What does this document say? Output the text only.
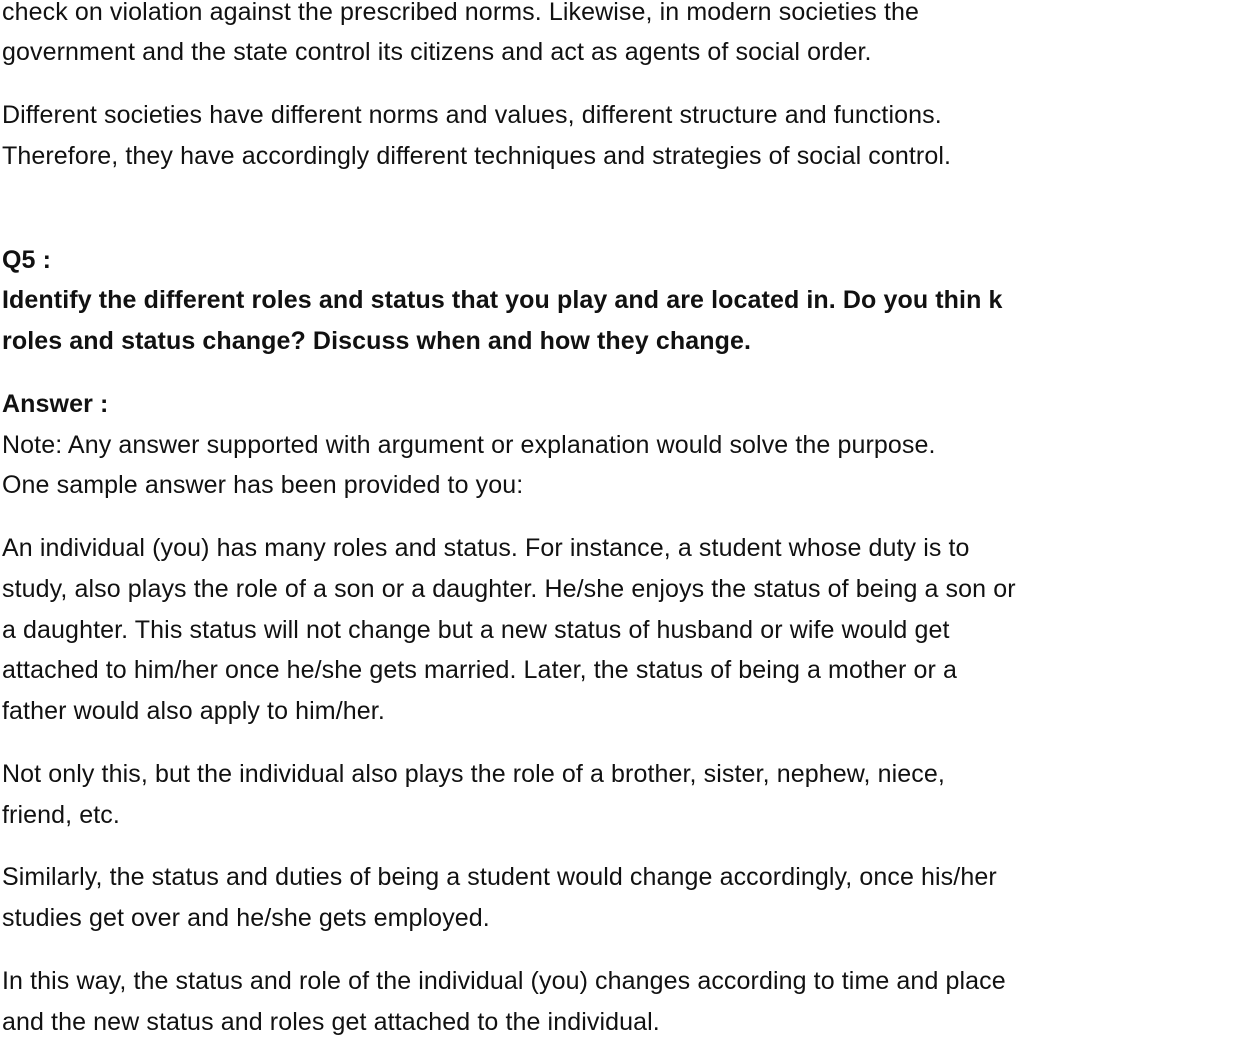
check on violation against the prescribed norms. Likewise, in modern societies the
government and the state control its citizens and act as agents of social order.
Different societies have different norms and values, different structure and functions.
Therefore, they have accordingly different techniques and strategies of social control.
Q5 :
Identify the different roles and status that you play and are located in. Do you thin k
roles and status change? Discuss when and how they change.
Answer :
Note: Any answer supported with argument or explanation would solve the purpose.
One sample answer has been provided to you:
An individual (you) has many roles and status. For instance, a student whose duty is to
study, also plays the role of a son or a daughter. He/she enjoys the status of being a son or
a daughter. This status will not change but a new status of husband or wife would get
attached to him/her once he/she gets married. Later, the status of being a mother or a
father would also apply to him/her.
Not only this, but the individual also plays the role of a brother, sister, nephew, niece,
friend, etc.
Similarly, the status and duties of being a student would change accordingly, once his/her
studies get over and he/she gets employed.
In this way, the status and role of the individual (you) changes according to time and place
and the new status and roles get attached to the individual.
